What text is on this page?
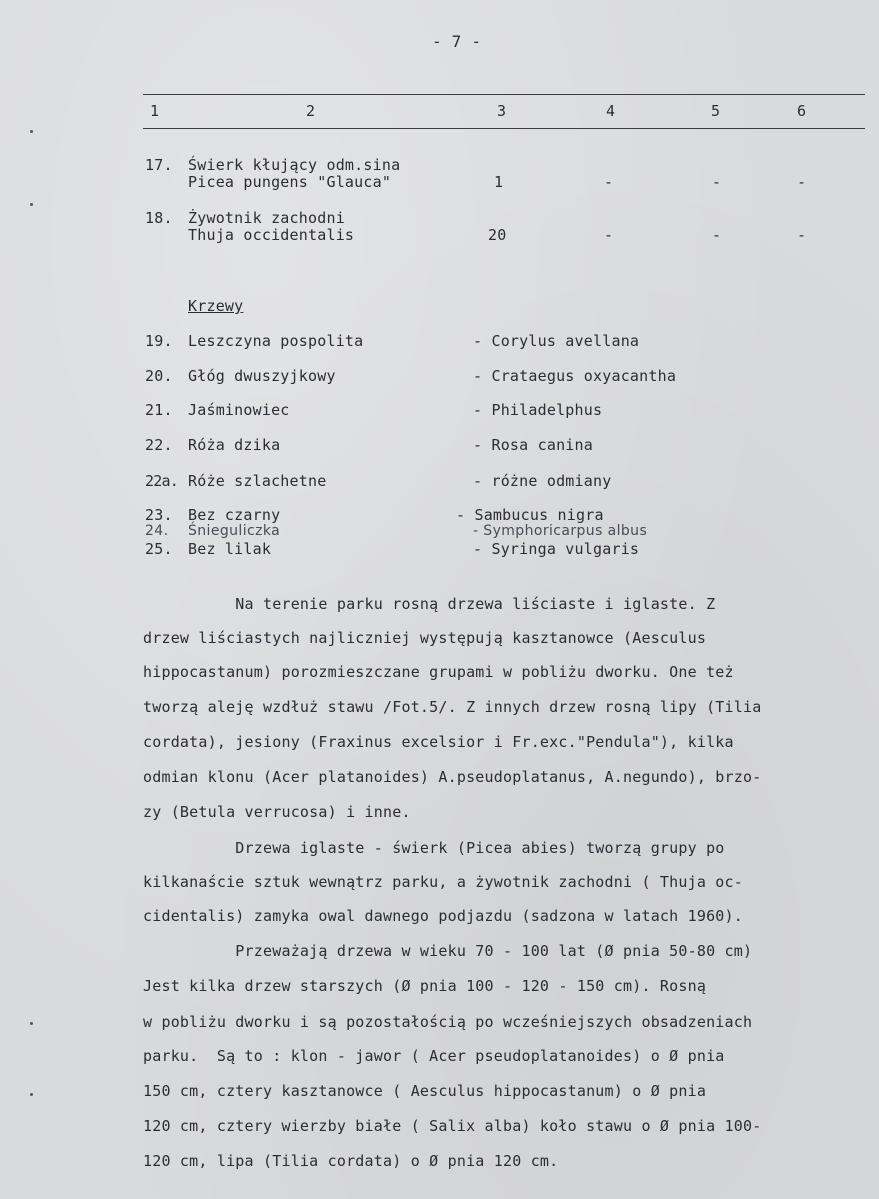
- 7 -
1	2	3	4	5	6
17. Świerk kłujący odm.sina
Picea pungens "Glauca"	1	-	-	-
18. Żywotnik zachodni
Thuja occidentalis	20	-	-	-
Krzewy
19. Leszczyna pospolita	- Corylus avellana
20. Głóg dwuszyjkowy	- Crataegus oxyacantha
21. Jaśminowiec	- Philadelphus
22. Róża dzika	- Rosa canina
22a. Róże szlachetne	- różne odmiany
23. Bez czarny	- Sambucus nigra
24. Śnieguliczka	- Symphoricarpus albus
25. Bez lilak	- Syringa vulgaris
Na terenie parku rosną drzewa liściaste i iglaste. Z
drzew liściastych najliczniej występują kasztanowce (Aesculus
hippocastanum) porozmieszczane grupami w pobliżu dworku. One też
tworzą aleję wzdłuż stawu /Fot.5/. Z innych drzew rosną lipy (Tilia
cordata), jesiony (Fraxinus excelsior i Fr.exc."Pendula"), kilka
odmian klonu (Acer platanoides) A.pseudoplatanus, A.negundo), brzo-
zy (Betula verrucosa) i inne.
Drzewa iglaste - świerk (Picea abies) tworzą grupy po
kilkanaście sztuk wewnątrz parku, a żywotnik zachodni ( Thuja oc-
cidentalis) zamyka owal dawnego podjazdu (sadzona w latach 1960).
Przeważają drzewa w wieku 70 - 100 lat (Ø pnia 50-80 cm)
Jest kilka drzew starszych (Ø pnia 100 - 120 - 150 cm). Rosną
w pobliżu dworku i są pozostałością po wcześniejszych obsadzeniach
parku.  Są to : klon - jawor ( Acer pseudoplatanoides) o Ø pnia
150 cm, cztery kasztanowce ( Aesculus hippocastanum) o Ø pnia
120 cm, cztery wierzby białe ( Salix alba) koło stawu o Ø pnia 100-
120 cm, lipa (Tilia cordata) o Ø pnia 120 cm.
